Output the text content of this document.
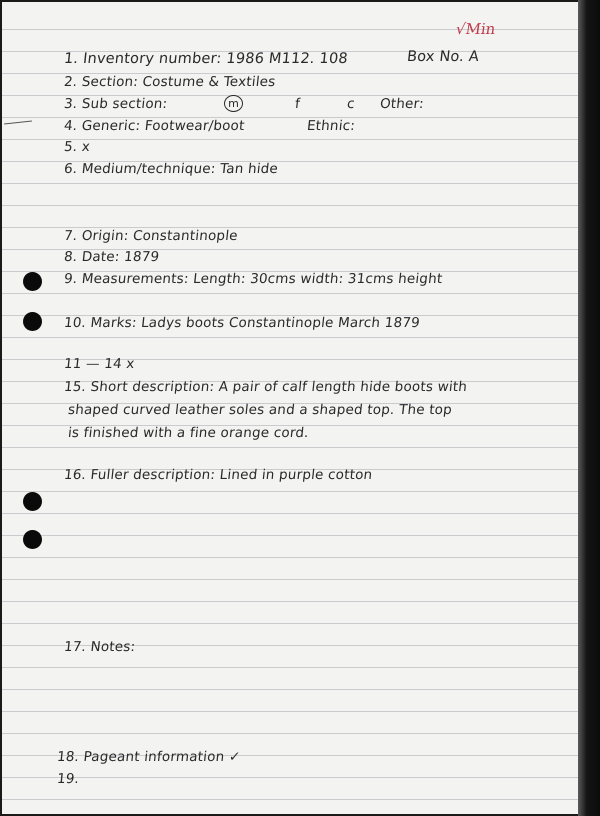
√Min
1. Inventory number: 1986 M112. 108	Box No. A
2. Section: Costume & Textiles
3. Sub section:	m	f	c Other:
4. Generic: Footwear/boot	Ethnic:
5. x
6. Medium/technique: Tan hide
7. Origin: Constantinople
8. Date: 1879
9. Measurements: Length: 30cms width: 31cms height
10. Marks: Ladys boots Constantinople March 1879
11 — 14 x
15. Short description: A pair of calf length hide boots with
shaped curved leather soles and a shaped top. The top
is finished with a fine orange cord.
16. Fuller description: Lined in purple cotton
17. Notes:
18. Pageant information ✓
19.
